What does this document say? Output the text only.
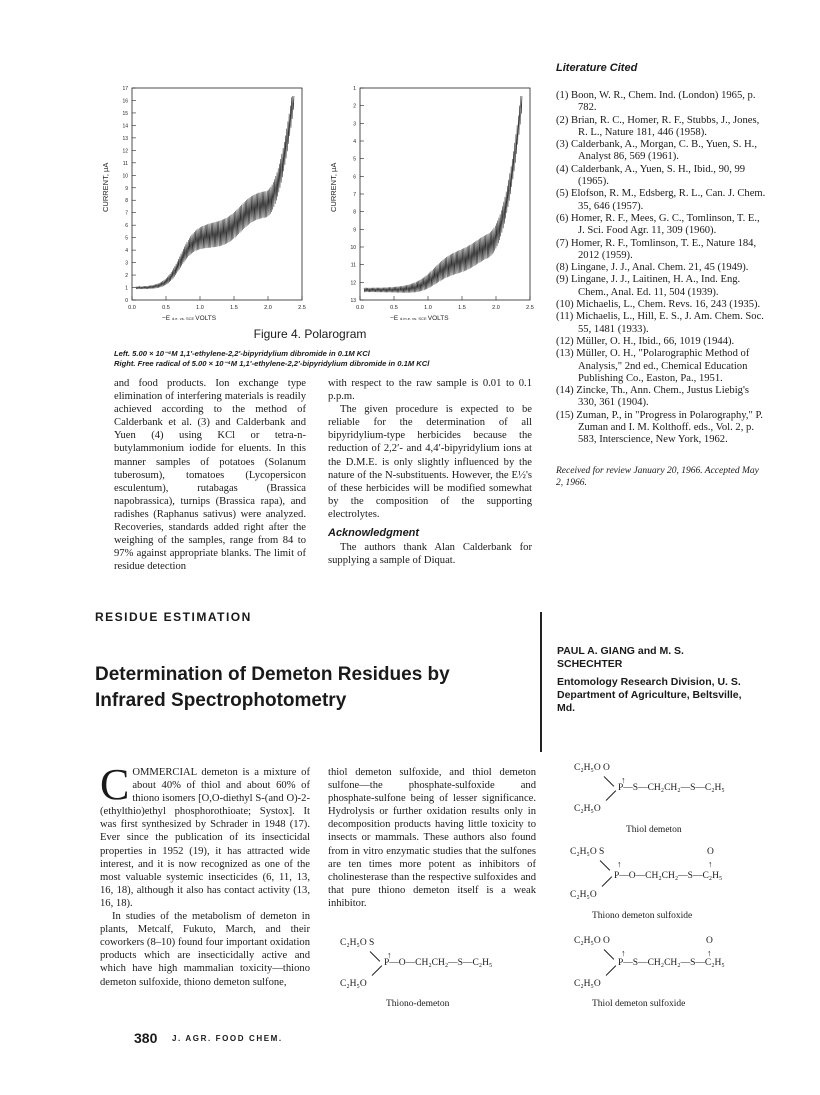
17
16
15
14
13
12
11
10
9
8
7
6
5
4
3
2
1
0
0.0	0.5	1.0	1.5	2.0	2.5
CURRENT, µA
−E d.e. vs. SCE VOLTS
1
2
3
4
5
6
7
8
9
10
11
12
13
0.0	0.5	1.0	1.5	2.0	2.5
CURRENT, µA
−E d.m.e. vs. SCE VOLTS
Figure 4. Polarogram
Left. 5.00 × 10⁻⁴M 1,1′-ethylene-2,2′-bipyridylium dibromide in 0.1M KCl
Right. Free radical of 5.00 × 10⁻⁴M 1,1′-ethylene-2,2′-bipyridylium dibromide in 0.1M KCl
and food products. Ion exchange type elimination of interfering materials is readily achieved according to the method of Calderbank et al. (3) and Calderbank and Yuen (4) using KCl or tetra-n-butylammonium iodide for eluents. In this manner samples of potatoes (Solanum tuberosum), tomatoes (Lycopersicon esculentum), rutabagas (Brassica napobrassica), turnips (Brassica rapa), and radishes (Raphanus sativus) were analyzed. Recoveries, standards added right after the weighing of the samples, range from 84 to 97% against appropriate blanks. The limit of residue detection

with respect to the raw sample is 0.01 to 0.1 p.p.m.

The given procedure is expected to be reliable for the determination of all bipyridylium-type herbicides because the reduction of 2,2′- and 4,4′-bipyridylium ions at the D.M.E. is only slightly influenced by the nature of the N-substituents. However, the E½'s of these herbicides will be modified somewhat by the composition of the supporting electrolytes.

Acknowledgment

The authors thank Alan Calderbank for supplying a sample of Diquat.

Literature Cited
(1) Boon, W. R., Chem. Ind. (London) 1965, p. 782.
(2) Brian, R. C., Homer, R. F., Stubbs, J., Jones, R. L., Nature 181, 446 (1958).
(3) Calderbank, A., Morgan, C. B., Yuen, S. H., Analyst 86, 569 (1961).
(4) Calderbank, A., Yuen, S. H., Ibid., 90, 99 (1965).
(5) Elofson, R. M., Edsberg, R. L., Can. J. Chem. 35, 646 (1957).
(6) Homer, R. F., Mees, G. C., Tomlinson, T. E., J. Sci. Food Agr. 11, 309 (1960).
(7) Homer, R. F., Tomlinson, T. E., Nature 184, 2012 (1959).
(8) Lingane, J. J., Anal. Chem. 21, 45 (1949).
(9) Lingane, J. J., Laitinen, H. A., Ind. Eng. Chem., Anal. Ed. 11, 504 (1939).
(10) Michaelis, L., Chem. Revs. 16, 243 (1935).
(11) Michaelis, L., Hill, E. S., J. Am. Chem. Soc. 55, 1481 (1933).
(12) Müller, O. H., Ibid., 66, 1019 (1944).
(13) Müller, O. H., "Polarographic Method of Analysis," 2nd ed., Chemical Education Publishing Co., Easton, Pa., 1951.
(14) Zincke, Th., Ann. Chem., Justus Liebig's 330, 361 (1904).
(15) Zuman, P., in "Progress in Polarography," P. Zuman and I. M. Kolthoff. eds., Vol. 2, p. 583, Interscience, New York, 1962.
Received for review January 20, 1966. Accepted May 2, 1966.
RESIDUE ESTIMATION
Determination of Demeton Residues by Infrared Spectrophotometry
PAUL A. GIANG and M. S. SCHECHTER
Entomology Research Division, U. S. Department of Agriculture, Beltsville, Md.

COMMERCIAL demeton is a mixture of about 40% of thiol and about 60% of thiono isomers [O,O-diethyl S-(and O)-2-(ethylthio)ethyl phosphorothioate; Systox]. It was first synthesized by Schrader in 1948 (17). Ever since the publication of its insecticidal properties in 1952 (19), it has attracted wide interest, and it is now recognized as one of the most valuable systemic insecticides (6, 11, 13, 16, 18), although it also has contact activity (13, 16, 18).

In studies of the metabolism of demeton in plants, Metcalf, Fukuto, March, and their coworkers (8–10) found four important oxidation products which are insecticidally active and which have high mammalian toxicity—thiono demeton sulfoxide, thiono demeton sulfone,

thiol demeton sulfoxide, and thiol demeton sulfone—the phosphate-sulfoxide and phosphate-sulfone being of lesser significance. Hydrolysis or further oxidation results only in decomposition products having little toxicity to insects or mammals. These authors also found from in vitro enzymatic studies that the sulfones are ten times more potent as inhibitors of cholinesterase than the respective sulfoxides and that pure thiono demeton itself is a weak inhibitor.
C₂H₅O S
↑
P—O—CH₂CH₂—S—C₂H₅
C₂H₅O
Thiono-demeton
C₂H₅O O
↑
P—S—CH₂CH₂—S—C₂H₅
C₂H₅O
Thiol demeton
C₂H₅O S	O
↑	↑
P—O—CH₂CH₂—S—C₂H₅
C₂H₅O
Thiono demeton sulfoxide
C₂H₅O O	O
↑	↑
P—S—CH₂CH₂—S—C₂H₅
C₂H₅O
Thiol demeton sulfoxide
380 J. AGR. FOOD CHEM.
